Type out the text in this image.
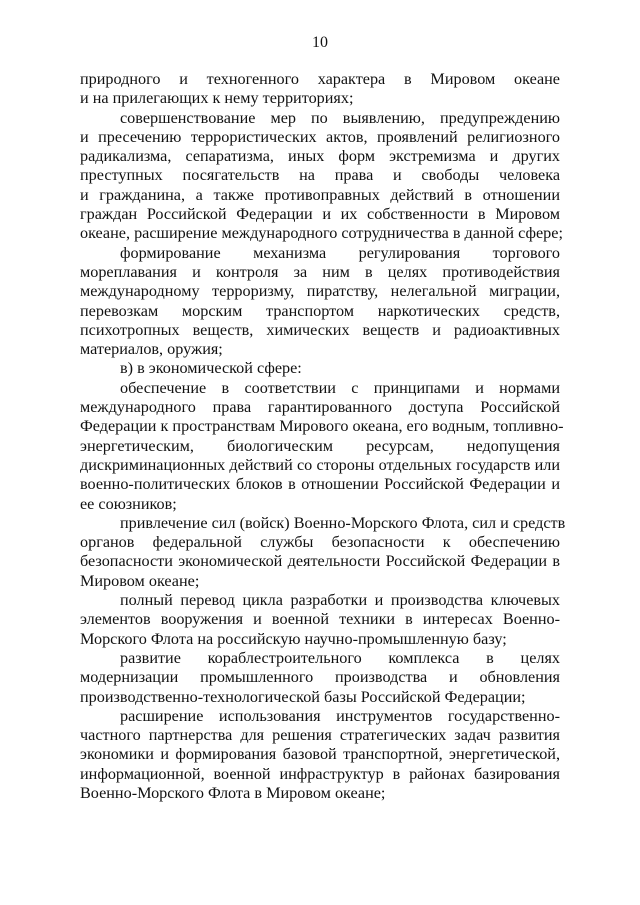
10
природного и техногенного характера в Мировом океане
и на прилегающих к нему территориях;
совершенствование мер по выявлению, предупреждению
и пресечению террористических актов, проявлений религиозного
радикализма, сепаратизма, иных форм экстремизма и других
преступных посягательств на права и свободы человека
и гражданина, а также противоправных действий в отношении
граждан Российской Федерации и их собственности в Мировом
океане, расширение международного сотрудничества в данной сфере;
формирование механизма регулирования торгового
мореплавания и контроля за ним в целях противодействия
международному терроризму, пиратству, нелегальной миграции,
перевозкам морским транспортом наркотических средств,
психотропных веществ, химических веществ и радиоактивных
материалов, оружия;
в) в экономической сфере:
обеспечение в соответствии с принципами и нормами
международного права гарантированного доступа Российской
Федерации к пространствам Мирового океана, его водным, топливно-
энергетическим, биологическим ресурсам, недопущения
дискриминационных действий со стороны отдельных государств или
военно-политических блоков в отношении Российской Федерации и
ее союзников;
привлечение сил (войск) Военно-Морского Флота, сил и средств
органов федеральной службы безопасности к обеспечению
безопасности экономической деятельности Российской Федерации в
Мировом океане;
полный перевод цикла разработки и производства ключевых
элементов вооружения и военной техники в интересах Военно-
Морского Флота на российскую научно-промышленную базу;
развитие кораблестроительного комплекса в целях
модернизации промышленного производства и обновления
производственно-технологической базы Российской Федерации;
расширение использования инструментов государственно-
частного партнерства для решения стратегических задач развития
экономики и формирования базовой транспортной, энергетической,
информационной, военной инфраструктур в районах базирования
Военно-Морского Флота в Мировом океане;
